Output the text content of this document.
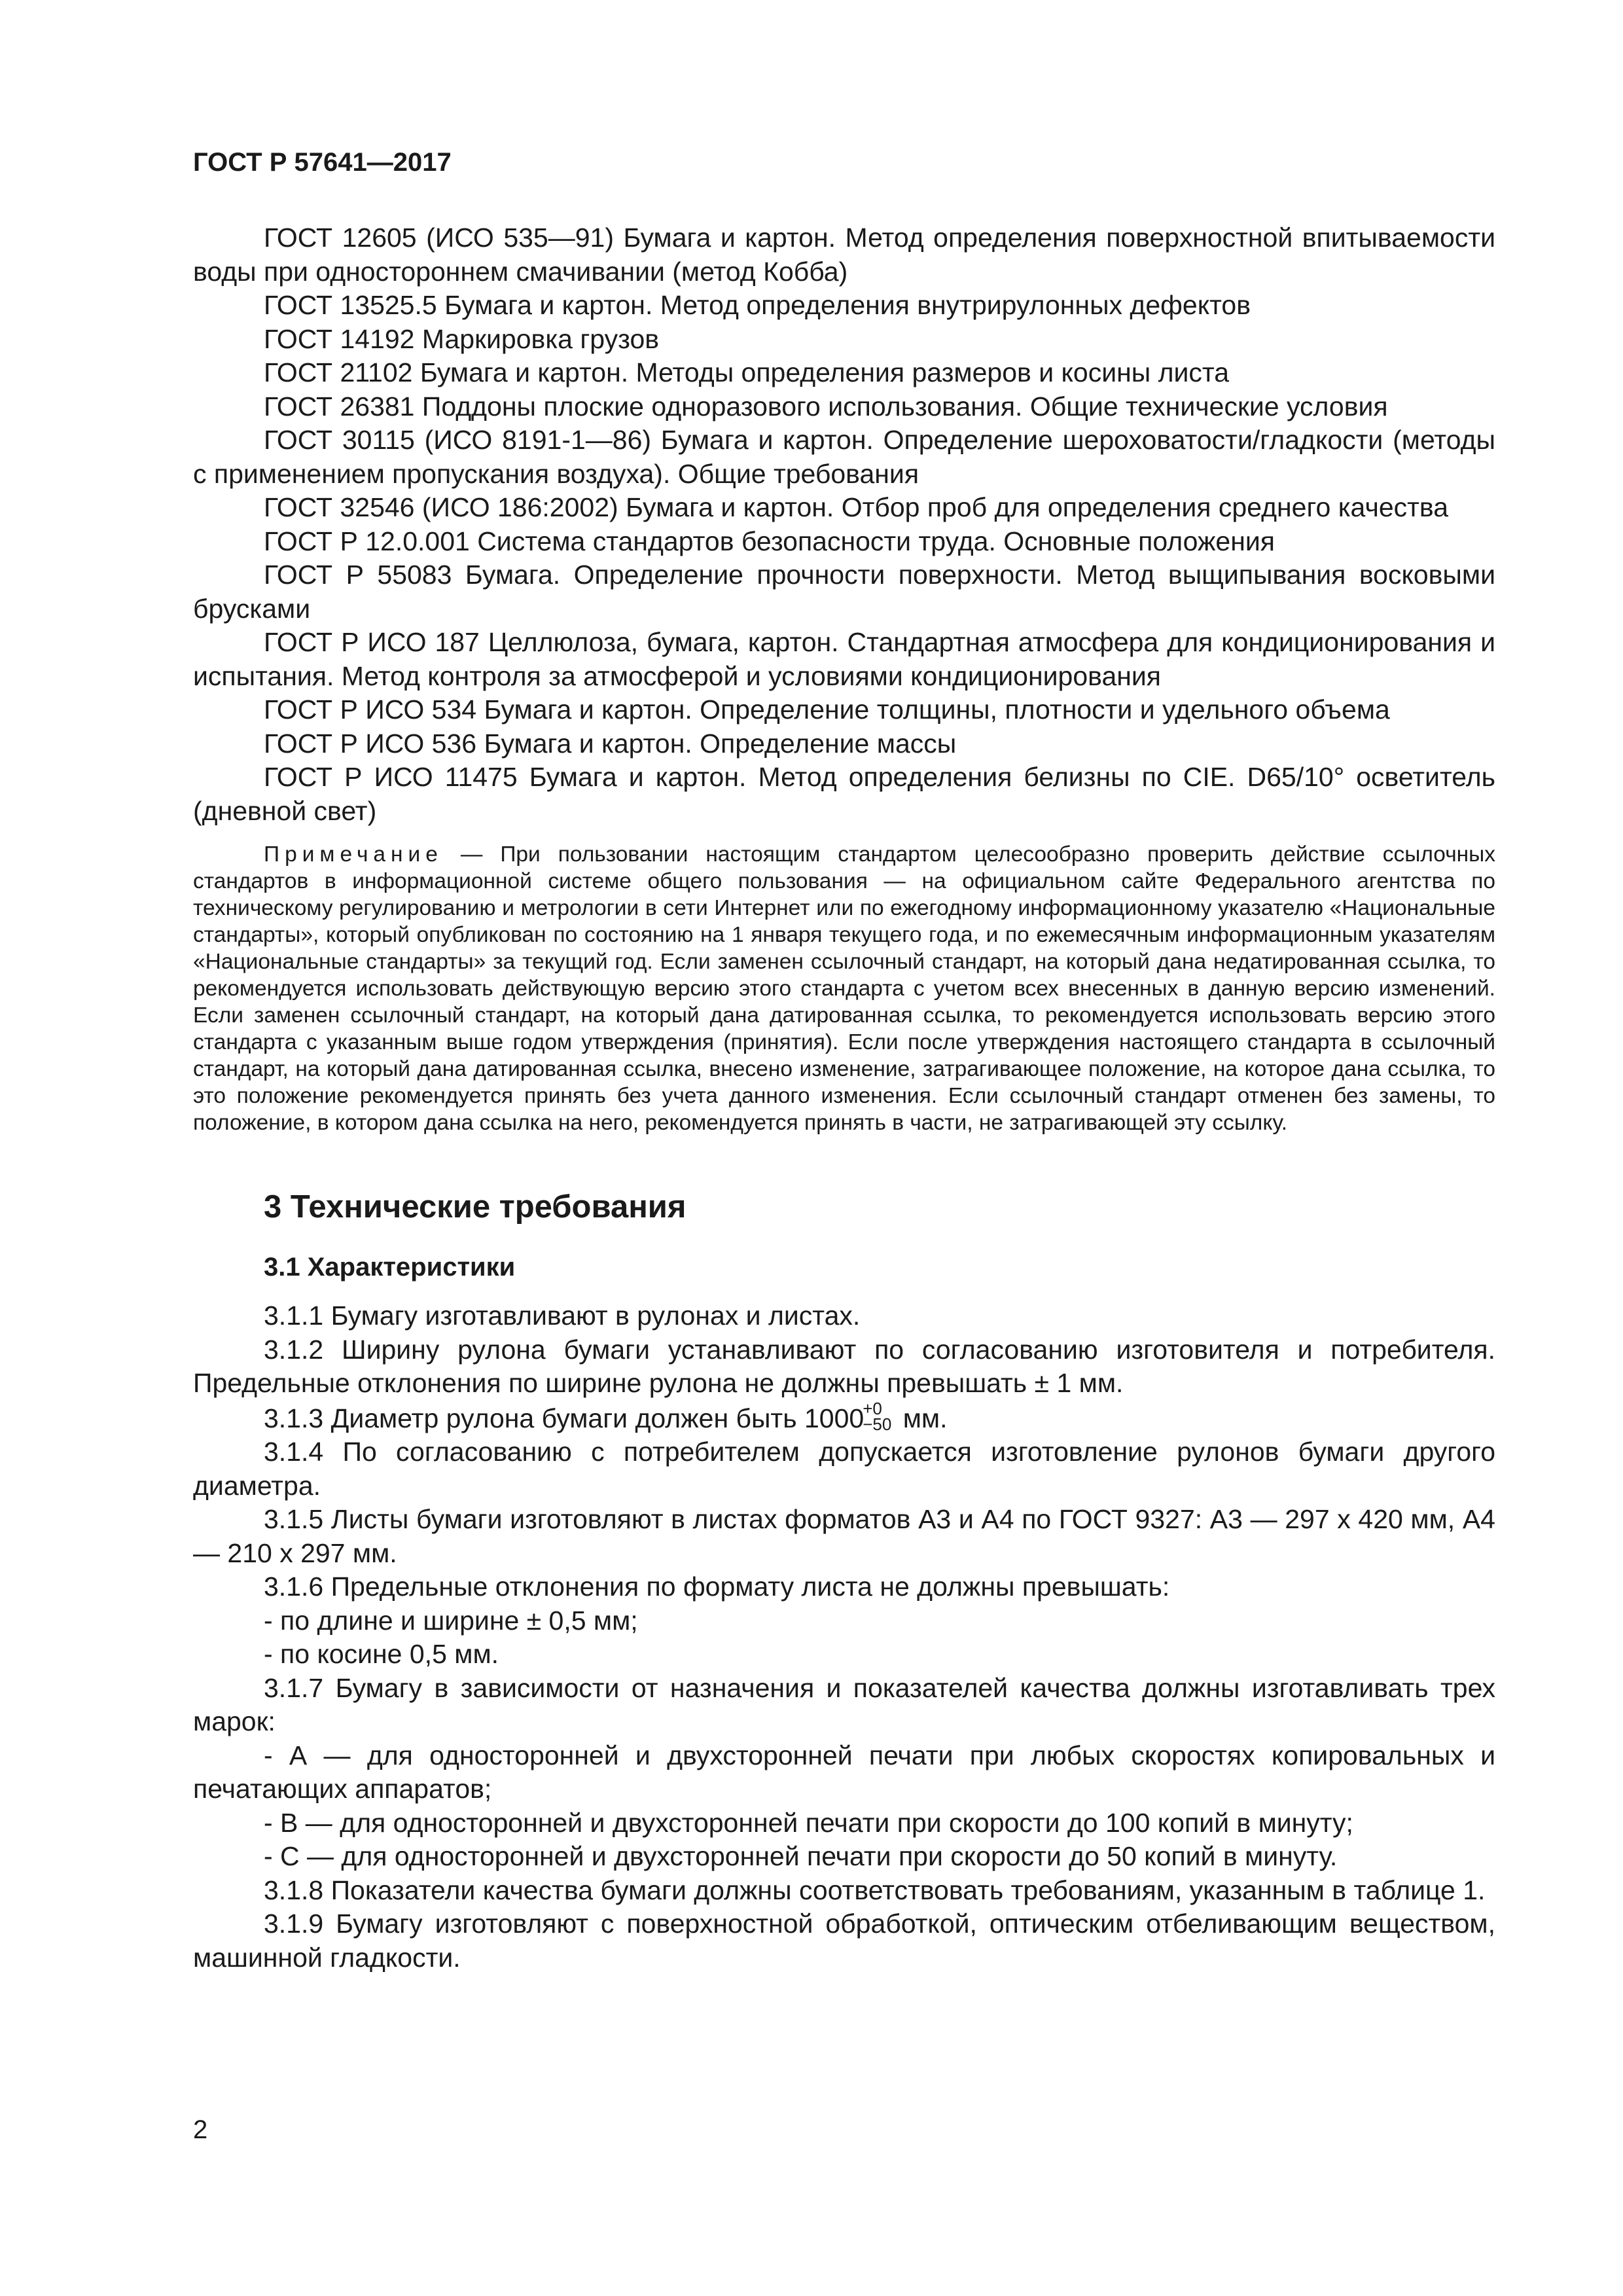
ГОСТ Р 57641—2017

ГОСТ 12605 (ИСО 535—91) Бумага и картон. Метод определения поверхностной впитываемости воды при одностороннем смачивании (метод Кобба)

ГОСТ 13525.5 Бумага и картон. Метод определения внутрирулонных дефектов

ГОСТ 14192 Маркировка грузов

ГОСТ 21102 Бумага и картон. Методы определения размеров и косины листа

ГОСТ 26381 Поддоны плоские одноразового использования. Общие технические условия

ГОСТ 30115 (ИСО 8191-1—86) Бумага и картон. Определение шероховатости/гладкости (методы с применением пропускания воздуха). Общие требования

ГОСТ 32546 (ИСО 186:2002) Бумага и картон. Отбор проб для определения среднего качества

ГОСТ Р 12.0.001 Система стандартов безопасности труда. Основные положения

ГОСТ Р 55083 Бумага. Определение прочности поверхности. Метод выщипывания восковыми брусками

ГОСТ Р ИСО 187 Целлюлоза, бумага, картон. Стандартная атмосфера для кондиционирования и испытания. Метод контроля за атмосферой и условиями кондиционирования

ГОСТ Р ИСО 534 Бумага и картон. Определение толщины, плотности и удельного объема

ГОСТ Р ИСО 536 Бумага и картон. Определение массы

ГОСТ Р ИСО 11475 Бумага и картон. Метод определения белизны по CIE. D65/10° осветитель (дневной свет)

Примечание — При пользовании настоящим стандартом целесообразно проверить действие ссылочных стандартов в информационной системе общего пользования — на официальном сайте Федерального агентства по техническому регулированию и метрологии в сети Интернет или по ежегодному информационному указателю «Национальные стандарты», который опубликован по состоянию на 1 января текущего года, и по ежемесячным информационным указателям «Национальные стандарты» за текущий год. Если заменен ссылочный стандарт, на который дана недатированная ссылка, то рекомендуется использовать действующую версию этого стандарта с учетом всех внесенных в данную версию изменений. Если заменен ссылочный стандарт, на который дана датированная ссылка, то рекомендуется использовать версию этого стандарта с указанным выше годом утверждения (принятия). Если после утверждения настоящего стандарта в ссылочный стандарт, на который дана датированная ссылка, внесено изменение, затрагивающее положение, на которое дана ссылка, то это положение рекомендуется принять без учета данного изменения. Если ссылочный стандарт отменен без замены, то положение, в котором дана ссылка на него, рекомендуется принять в части, не затрагивающей эту ссылку.

3 Технические требования
3.1 Характеристики

3.1.1 Бумагу изготавливают в рулонах и листах.

3.1.2 Ширину рулона бумаги устанавливают по согласованию изготовителя и потребителя. Предельные отклонения по ширине рулона не должны превышать ± 1 мм.

3.1.3 Диаметр рулона бумаги должен быть 1000
+0
−50 мм.

3.1.4 По согласованию с потребителем допускается изготовление рулонов бумаги другого диаметра.

3.1.5 Листы бумаги изготовляют в листах форматов А3 и А4 по ГОСТ 9327: А3 — 297 х 420 мм, А4 — 210 х 297 мм.

3.1.6 Предельные отклонения по формату листа не должны превышать:

- по длине и ширине ± 0,5 мм;

- по косине 0,5 мм.

3.1.7 Бумагу в зависимости от назначения и показателей качества должны изготавливать трех марок:

- А — для односторонней и двухсторонней печати при любых скоростях копировальных и печатающих аппаратов;

- В — для односторонней и двухсторонней печати при скорости до 100 копий в минуту;

- С — для односторонней и двухсторонней печати при скорости до 50 копий в минуту.

3.1.8 Показатели качества бумаги должны соответствовать требованиям, указанным в таблице 1.

3.1.9 Бумагу изготовляют с поверхностной обработкой, оптическим отбеливающим веществом, машинной гладкости.

2
